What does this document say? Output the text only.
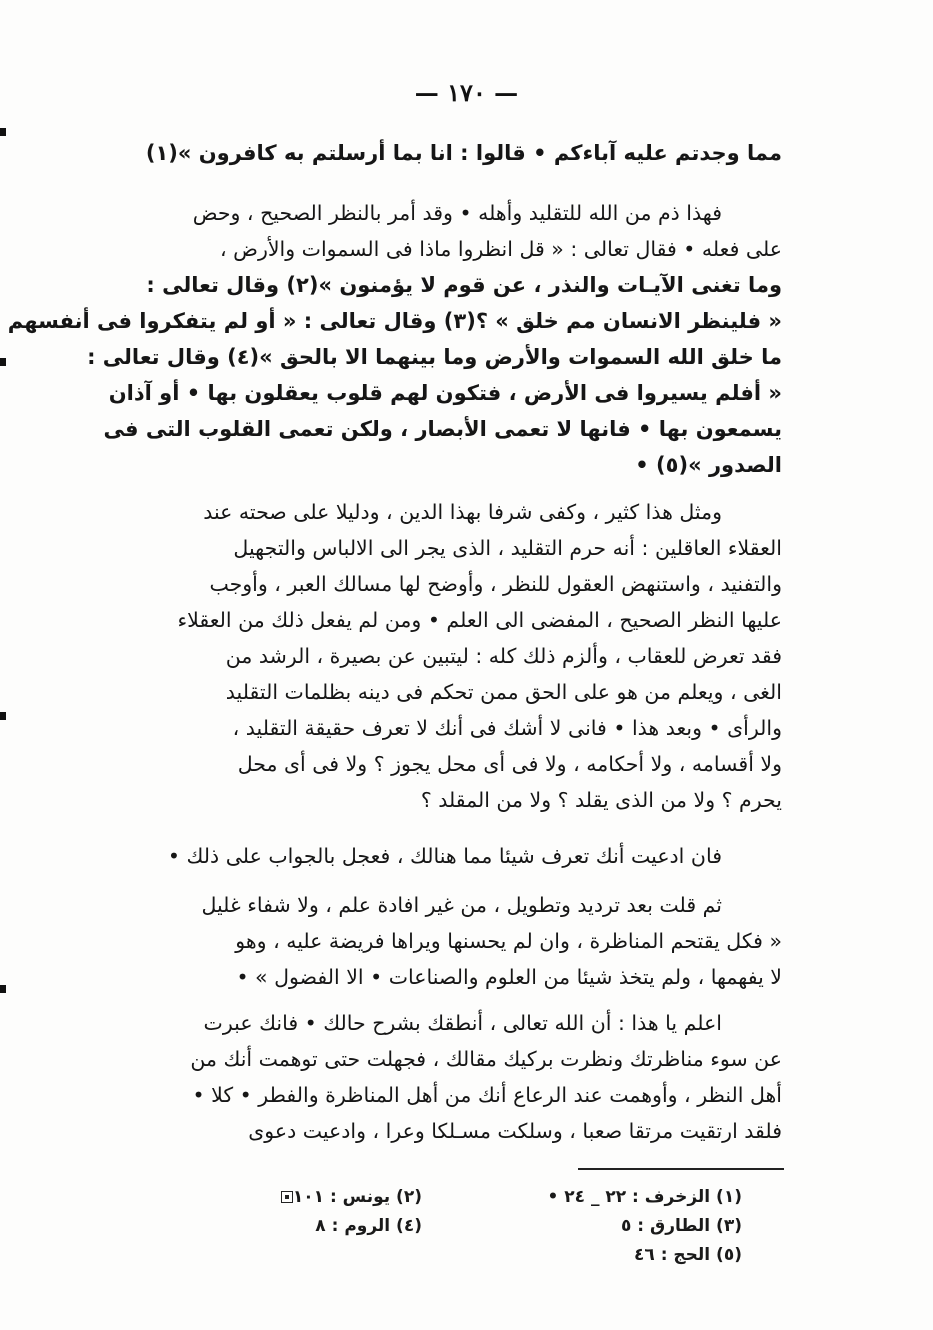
— ١٧٠ —
مما وجدتم عليه آباءكم • قالوا : انا بما أرسلتم به كافرون »(١)
فهذا ذم من الله للتقليد وأهله • وقد أمر بالنظر الصحيح ، وحض
على فعله • فقال تعالى : « قل انظروا ماذا فى السموات والأرض ،
وما تغنى الآيـات والنذر ، عن قوم لا يؤمنون »(٢) وقال تعالى :
« فلينظر الانسان مم خلق » ؟(٣) وقال تعالى : « أو لم يتفكروا فى أنفسهم
ما خلق الله السموات والأرض وما بينهما الا بالحق »(٤) وقال تعالى :
« أفلم يسيروا فى الأرض ، فتكون لهم قلوب يعقلون بها • أو آذان
يسمعون بها • فانها لا تعمى الأبصار ، ولكن تعمى القلوب التى فى
الصدور »(٥) •
ومثل هذا كثير ، وكفى شرفا بهذا الدين ، ودليلا على صحته عند
العقلاء العاقلين : أنه حرم التقليد ، الذى يجر الى الالباس والتجهيل
والتفنيد ، واستنهض العقول للنظر ، وأوضح لها مسالك العبر ، وأوجب
عليها النظر الصحيح ، المفضى الى العلم • ومن لم يفعل ذلك من العقلاء
فقد تعرض للعقاب ، وألزم ذلك كله : ليتبين عن بصيرة ، الرشد من
الغى ، ويعلم من هو على الحق ممن تحكم فى دينه بظلمات التقليد
والرأى • وبعد هذا • فانى لا أشك فى أنك لا تعرف حقيقة التقليد ،
ولا أقسامه ، ولا أحكامه ، ولا فى أى محل يجوز ؟ ولا فى أى محل
يحرم ؟ ولا من الذى يقلد ؟ ولا من المقلد ؟
فان ادعيت أنك تعرف شيئا مما هنالك ، فعجل بالجواب على ذلك •
ثم قلت بعد ترديد وتطويل ، من غير افادة علم ، ولا شفاء غليل
« فكل يقتحم المناظرة ، وان لم يحسنها ويراها فريضة عليه ، وهو
لا يفهمها ، ولم يتخذ شيئا من العلوم والصناعات • الا الفضول » •
اعلم يا هذا : أن الله تعالى ، أنطقك بشرح حالك • فانك عبرت
عن سوء مناظرتك ونظرت بركيك مقالك ، فجهلت حتى توهمت أنك من
أهل النظر ، وأوهمت عند الرعاع أنك من أهل المناظرة والفطر • كلا •
فلقد ارتقيت مرتقا صعبا ، وسلكت مسـلكا وعرا ، وادعيت دعوى
(١) الزخرف : ٢٢ _ ٢٤ •
(٣) الطارق : ٥
(٥) الحج : ٤٦
(٢) يونس : ١٠١
(٤) الروم : ٨
